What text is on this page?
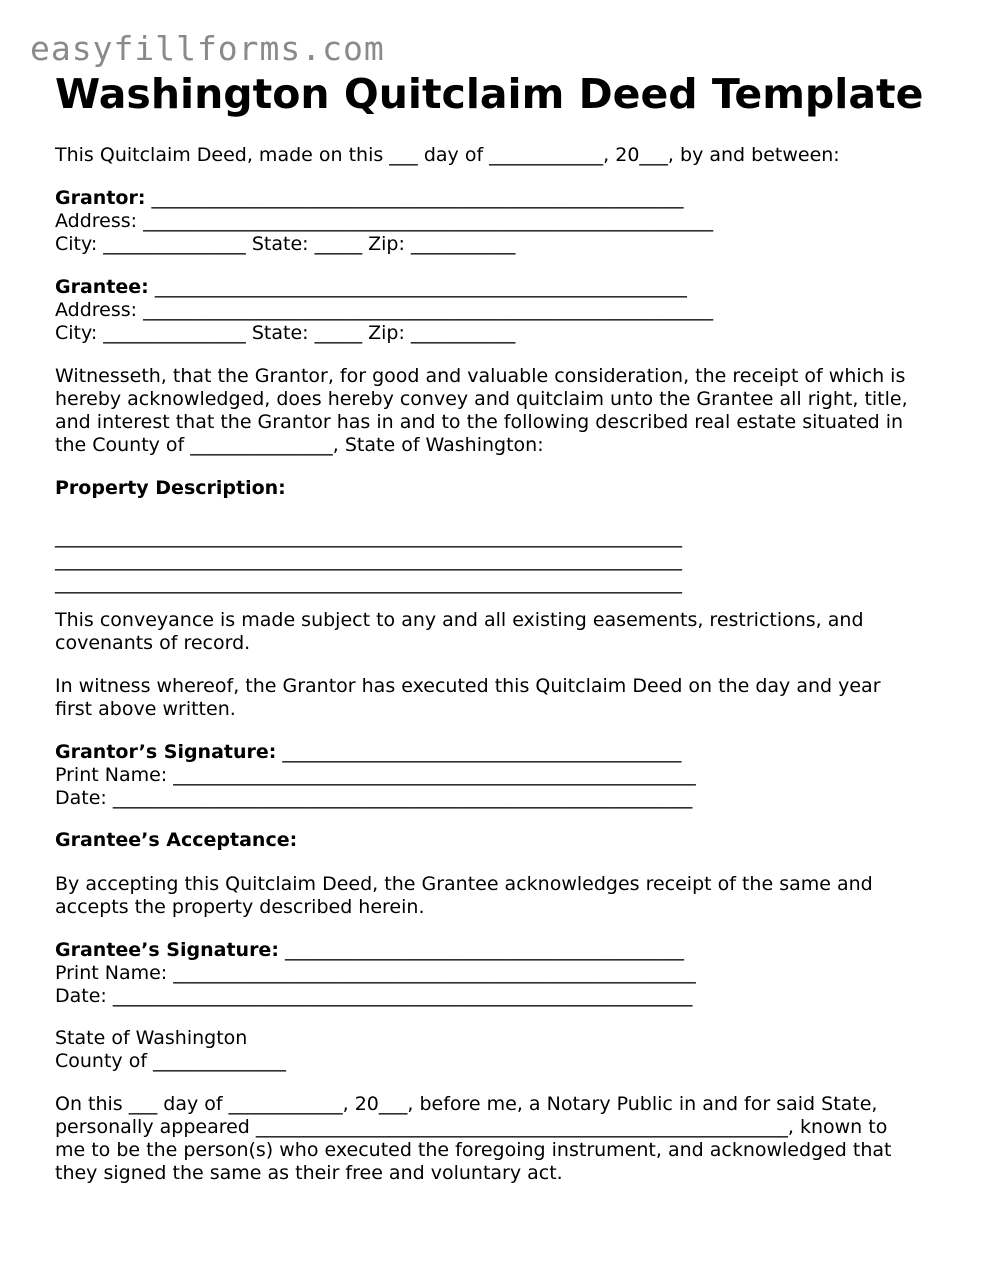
easyfillforms.com
Washington Quitclaim Deed Template
This Quitclaim Deed, made on this ___ day of ____________, 20___, by and between:
Grantor: ________________________________________________________
Address: ____________________________________________________________
City: _______________ State: _____ Zip: ___________
Grantee: ________________________________________________________
Address: ____________________________________________________________
City: _______________ State: _____ Zip: ___________
Witnesseth, that the Grantor, for good and valuable consideration, the receipt of which is
hereby acknowledged, does hereby convey and quitclaim unto the Grantee all right, title,
and interest that the Grantor has in and to the following described real estate situated in
the County of _______________, State of Washington:
Property Description:
__________________________________________________________________
__________________________________________________________________
__________________________________________________________________
This conveyance is made subject to any and all existing easements, restrictions, and
covenants of record.
In witness whereof, the Grantor has executed this Quitclaim Deed on the day and year
first above written.
Grantor’s Signature: __________________________________________
Print Name: _______________________________________________________
Date: _____________________________________________________________
Grantee’s Acceptance:
By accepting this Quitclaim Deed, the Grantee acknowledges receipt of the same and
accepts the property described herein.
Grantee’s Signature: __________________________________________
Print Name: _______________________________________________________
Date: _____________________________________________________________
State of Washington
County of ______________
On this ___ day of ____________, 20___, before me, a Notary Public in and for said State,
personally appeared ________________________________________________________, known to
me to be the person(s) who executed the foregoing instrument, and acknowledged that
they signed the same as their free and voluntary act.
